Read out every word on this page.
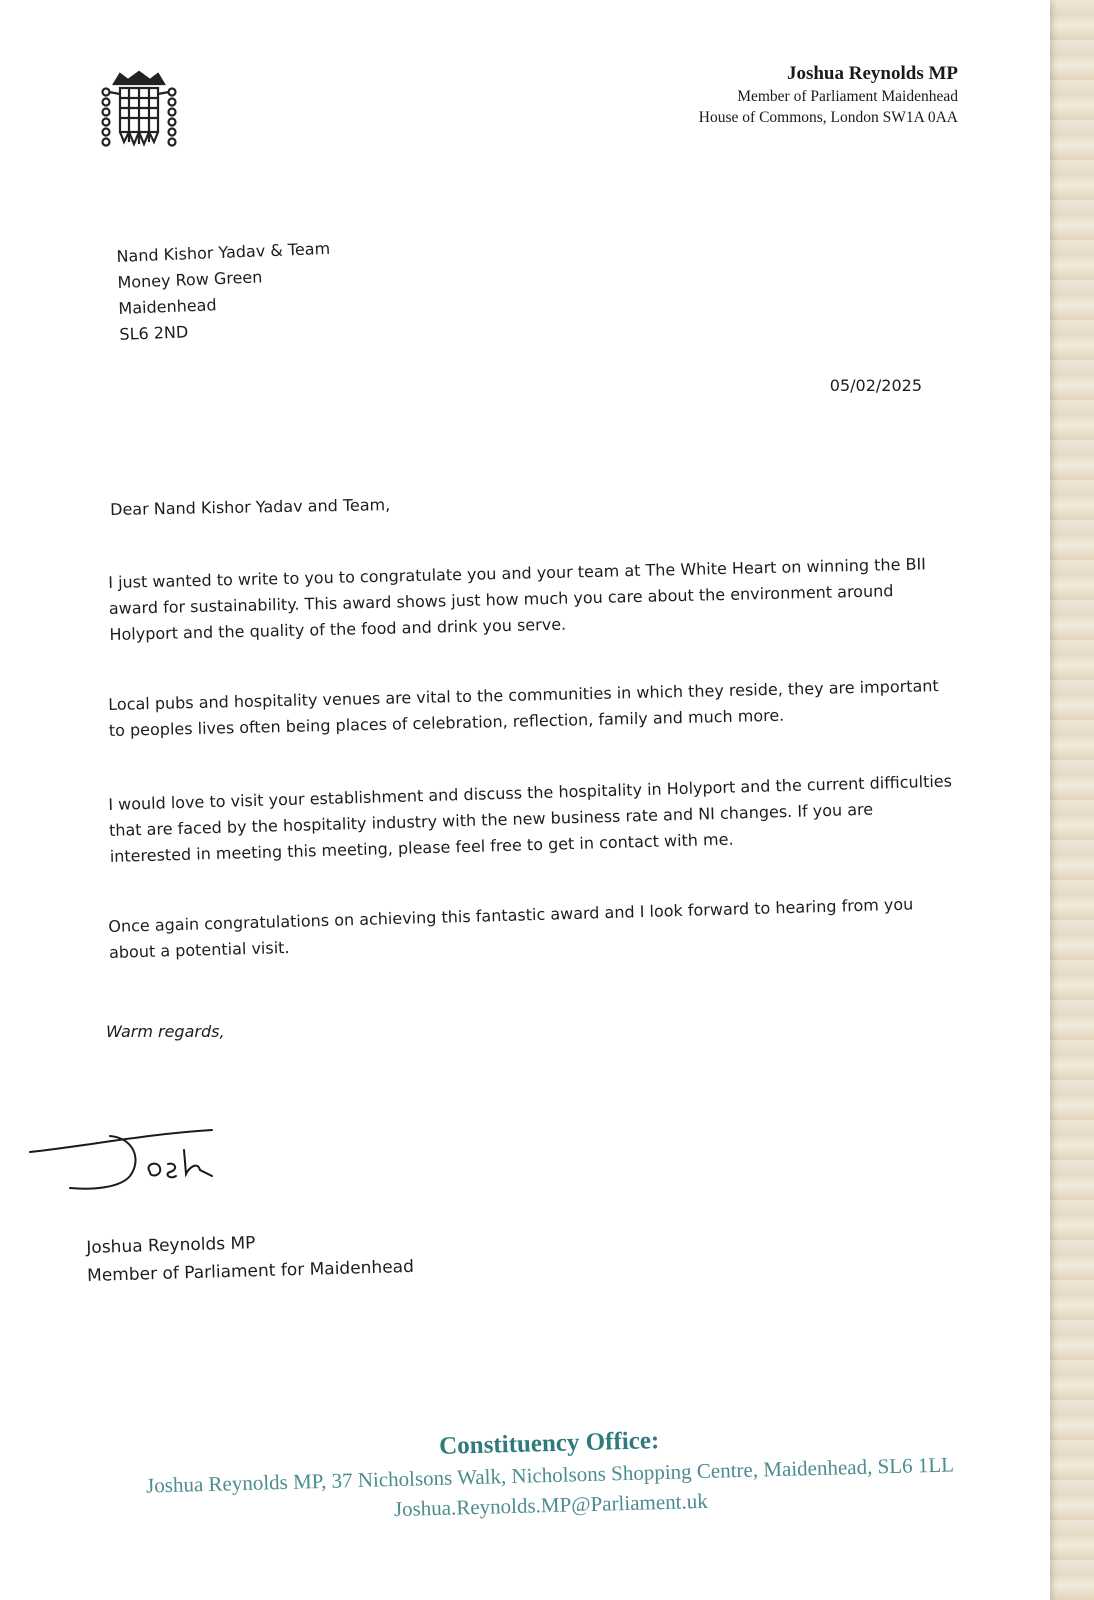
Joshua Reynolds MP
Member of Parliament Maidenhead
House of Commons, London SW1A 0AA
Nand Kishor Yadav & Team
Money Row Green
Maidenhead
SL6 2ND
05/02/2025
Dear Nand Kishor Yadav and Team,
I just wanted to write to you to congratulate you and your team at The White Heart on winning the BII award for sustainability. This award shows just how much you care about the environment around Holyport and the quality of the food and drink you serve.
Local pubs and hospitality venues are vital to the communities in which they reside, they are important to peoples lives often being places of celebration, reflection, family and much more.
I would love to visit your establishment and discuss the hospitality in Holyport and the current difficulties that are faced by the hospitality industry with the new business rate and NI changes. If you are interested in meeting this meeting, please feel free to get in contact with me.
Once again congratulations on achieving this fantastic award and I look forward to hearing from you about a potential visit.
Warm regards,
Joshua Reynolds MP
Member of Parliament for Maidenhead
Constituency Office:
Joshua Reynolds MP, 37 Nicholsons Walk, Nicholsons Shopping Centre, Maidenhead, SL6 1LL
Joshua.Reynolds.MP@Parliament.uk
